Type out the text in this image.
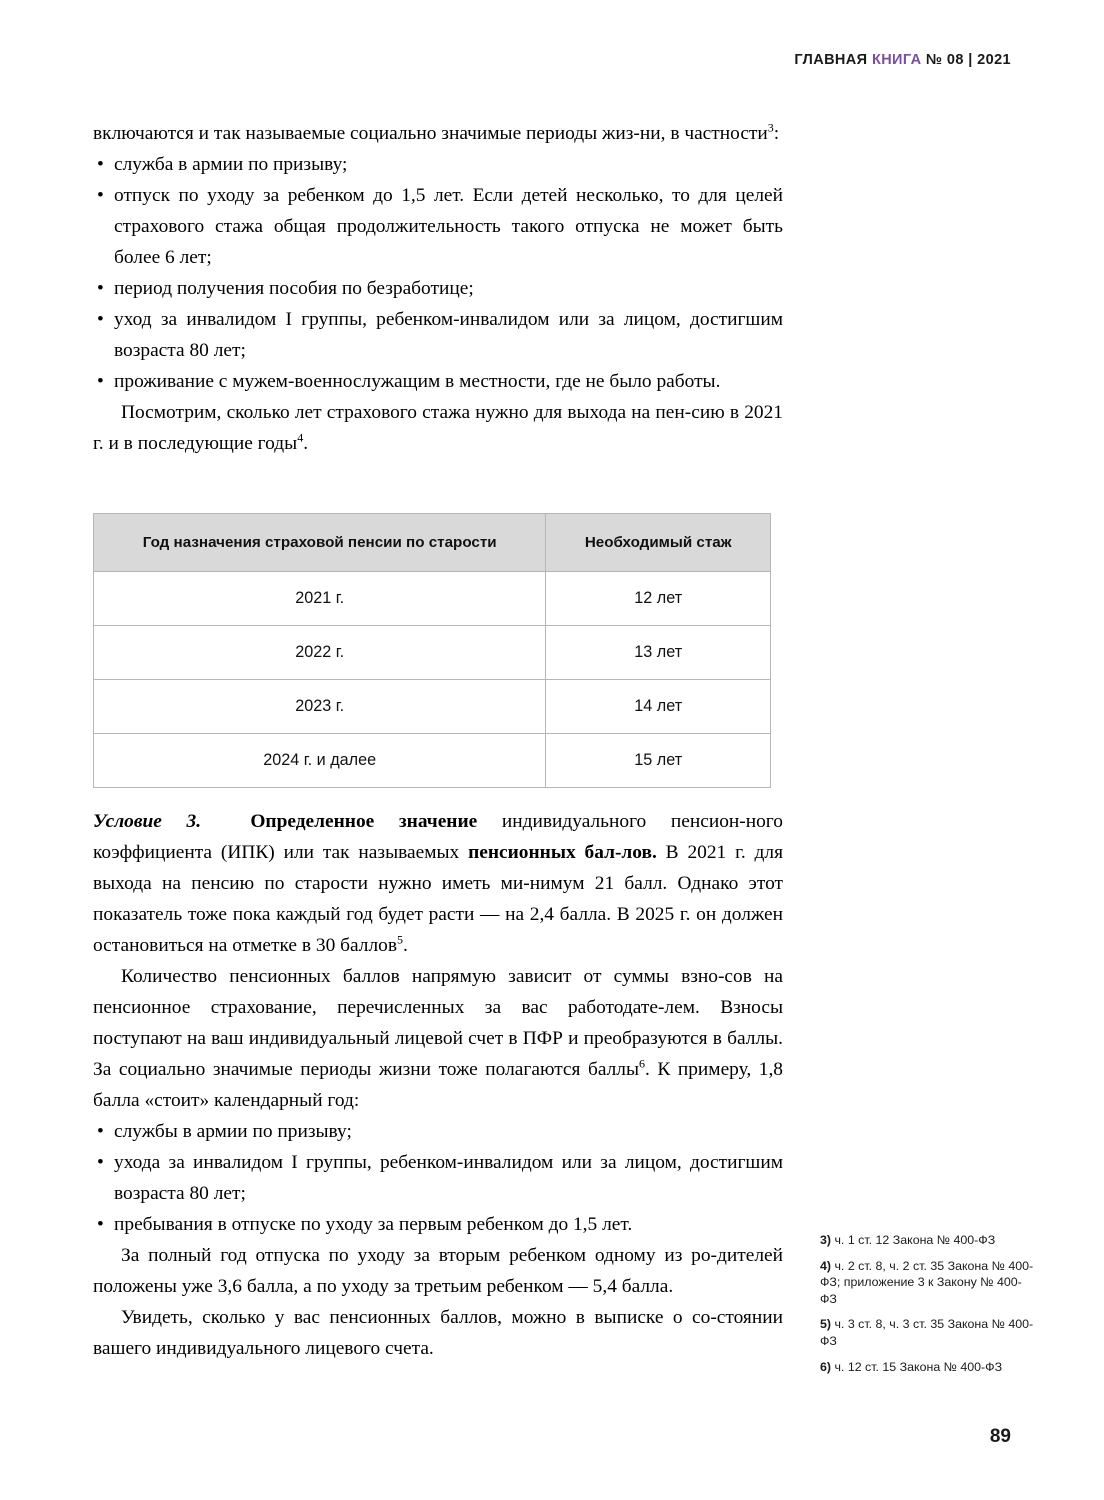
ГЛАВНАЯ КНИГА № 08 | 2021

включаются и так называемые социально значимые периоды жиз-ни, в частности$^3$:

• служба в армии по призыву;
• отпуск по уходу за ребенком до 1,5 лет. Если детей несколько, то для целей страхового стажа общая продолжительность такого отпуска не может быть более 6 лет;
• период получения пособия по безработице;
• уход за инвалидом I группы, ребенком-инвалидом или за лицом, достигшим возраста 80 лет;
• проживание с мужем-военнослужащим в местности, где не было работы.

Посмотрим, сколько лет страхового стажа нужно для выхода на пен-сию в 2021 г. и в последующие годы$^4$.

Год назначения страховой пенсии по старости	Необходимый стаж
2021 г.	12 лет
2022 г.	13 лет
2023 г.	14 лет
2024 г. и далее	15 лет

Условие 3.	Определенное значение индивидуального пенсион-ного коэффициента (ИПК) или так называемых пенсионных бал-лов. В 2021 г. для выхода на пенсию по старости нужно иметь ми-нимум 21 балл. Однако этот показатель тоже пока каждый год будет расти — на 2,4 балла. В 2025 г. он должен остановиться на отметке в 30 баллов$^5$.

Количество пенсионных баллов напрямую зависит от суммы взно-сов на пенсионное страхование, перечисленных за вас работодате-лем. Взносы поступают на ваш индивидуальный лицевой счет в ПФР и преобразуются в баллы. За социально значимые периоды жизни тоже полагаются баллы$^6$. К примеру, 1,8 балла «стоит» календарный год:

• службы в армии по призыву;
• ухода за инвалидом I группы, ребенком-инвалидом или за лицом, достигшим возраста 80 лет;
• пребывания в отпуске по уходу за первым ребенком до 1,5 лет.

За полный год отпуска по уходу за вторым ребенком одному из ро-дителей положены уже 3,6 балла, а по уходу за третьим ребенком — 5,4 балла.

Увидеть, сколько у вас пенсионных баллов, можно в выписке о со-стоянии вашего индивидуального лицевого счета.

3) ч. 1 ст. 12 Закона № 400-ФЗ
4) ч. 2 ст. 8, ч. 2 ст. 35 Закона № 400-ФЗ; приложение 3 к Закону № 400-ФЗ
5) ч. 3 ст. 8, ч. 3 ст. 35 Закона № 400-ФЗ
6) ч. 12 ст. 15 Закона № 400-ФЗ
89
